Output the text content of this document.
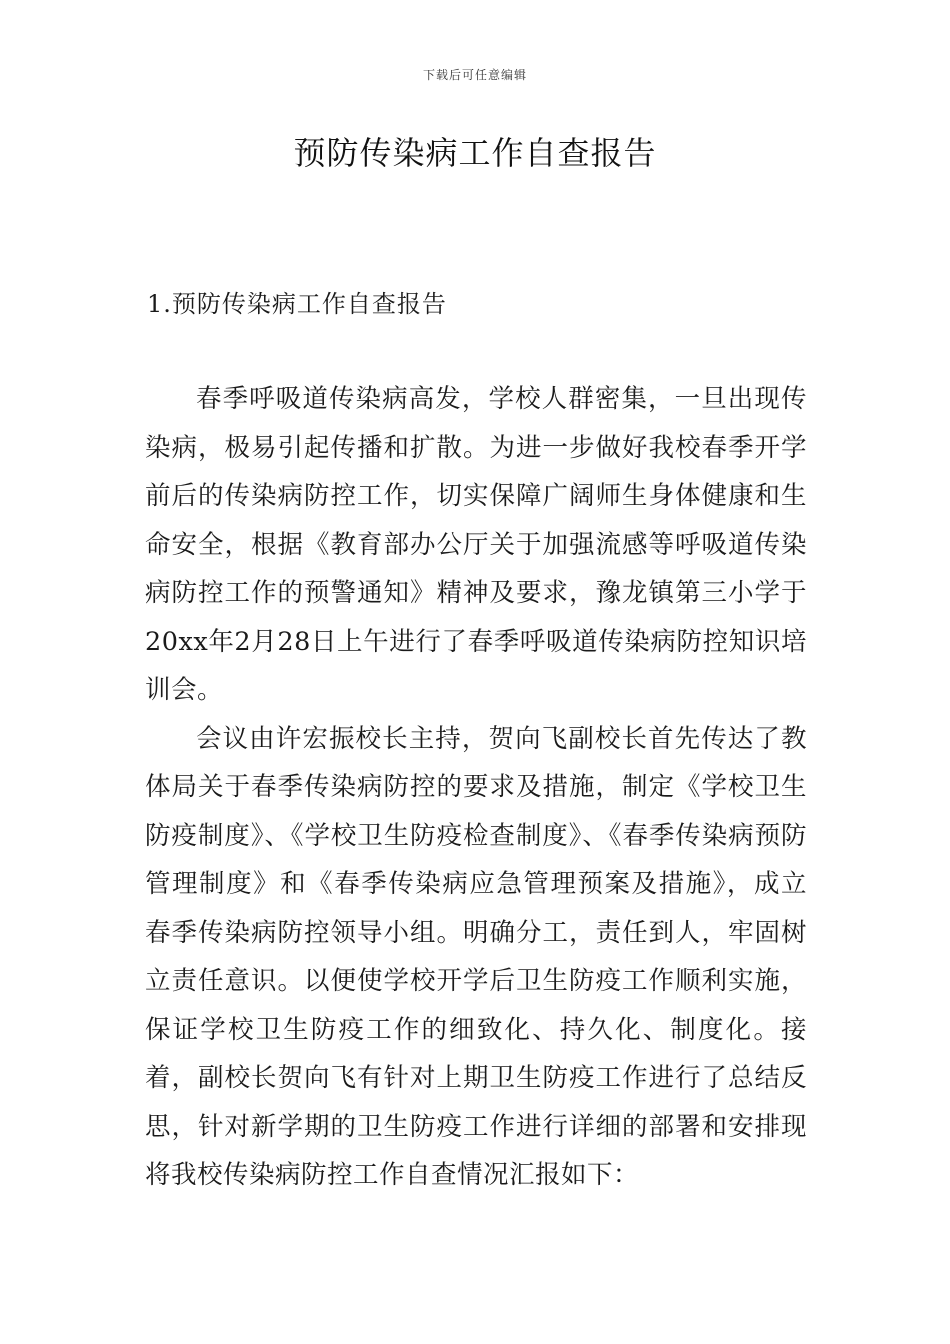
下载后可任意编辑
预防传染病工作自查报告
1.预防传染病工作自查报告

春季呼吸道传染病高发，学校人群密集，一旦出现传染病，极易引起传播和扩散。为进一步做好我校春季开学前后的传染病防控工作，切实保障广阔师生身体健康和生命安全，根据《教育部办公厅关于加强流感等呼吸道传染病防控工作的预警通知》精神及要求，豫龙镇第三小学于20xx年2月28日上午进行了春季呼吸道传染病防控知识培训会。

会议由许宏振校长主持，贺向飞副校长首先传达了教体局关于春季传染病防控的要求及措施，制定《学校卫生防疫制度》、《学校卫生防疫检查制度》、《春季传染病预防管理制度》和《春季传染病应急管理预案及措施》，成立春季传染病防控领导小组。明确分工，责任到人，牢固树立责任意识。以便使学校开学后卫生防疫工作顺利实施，保证学校卫生防疫工作的细致化、持久化、制度化。接着，副校长贺向飞有针对上期卫生防疫工作进行了总结反思，针对新学期的卫生防疫工作进行详细的部署和安排现将我校传染病防控工作自查情况汇报如下：
